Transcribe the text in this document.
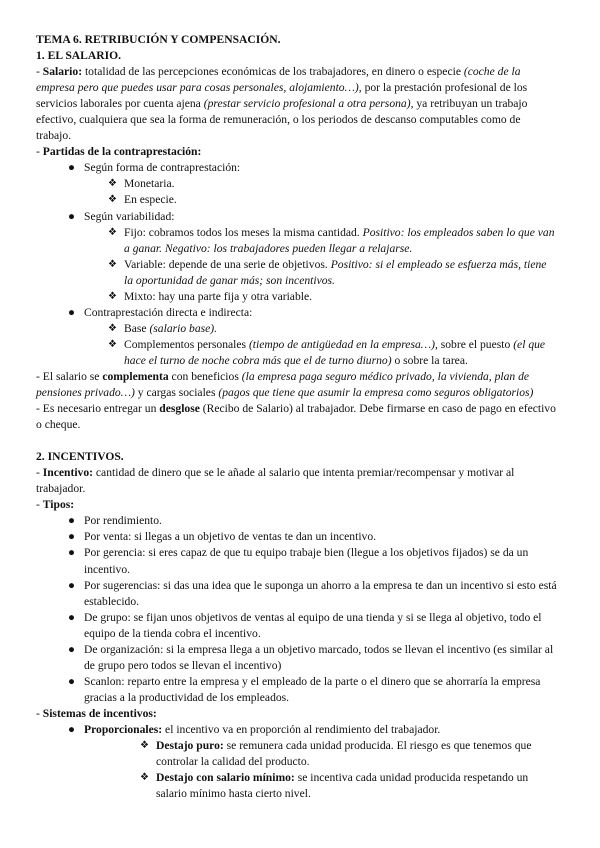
TEMA 6. RETRIBUCIÓN Y COMPENSACIÓN.
1. EL SALARIO.
- Salario: totalidad de las percepciones económicas de los trabajadores, en dinero o especie (coche de la empresa pero que puedes usar para cosas personales, alojamiento…), por la prestación profesional de los servicios laborales por cuenta ajena (prestar servicio profesional a otra persona), ya retribuyan un trabajo efectivo, cualquiera que sea la forma de remuneración, o los periodos de descanso computables como de trabajo.
- Partidas de la contraprestación:
● Según forma de contraprestación:
❖ Monetaria.
❖ En especie.
● Según variabilidad:
❖ Fijo: cobramos todos los meses la misma cantidad. Positivo: los empleados saben lo que van a ganar. Negativo: los trabajadores pueden llegar a relajarse.
❖ Variable: depende de una serie de objetivos. Positivo: si el empleado se esfuerza más, tiene la oportunidad de ganar más; son incentivos.
❖ Mixto: hay una parte fija y otra variable.
● Contraprestación directa e indirecta:
❖ Base (salario base).
❖ Complementos personales (tiempo de antigüedad en la empresa…), sobre el puesto (el que hace el turno de noche cobra más que el de turno diurno) o sobre la tarea.
- El salario se complementa con beneficios (la empresa paga seguro médico privado, la vivienda, plan de pensiones privado…) y cargas sociales (pagos que tiene que asumir la empresa como seguros obligatorios)
- Es necesario entregar un desglose (Recibo de Salario) al trabajador. Debe firmarse en caso de pago en efectivo o cheque.
2. INCENTIVOS.
- Incentivo: cantidad de dinero que se le añade al salario que intenta premiar/recompensar y motivar al trabajador.
- Tipos:
● Por rendimiento.
● Por venta: si llegas a un objetivo de ventas te dan un incentivo.
● Por gerencia: si eres capaz de que tu equipo trabaje bien (llegue a los objetivos fijados) se da un incentivo.
● Por sugerencias: si das una idea que le suponga un ahorro a la empresa te dan un incentivo si esto está establecido.
● De grupo: se fijan unos objetivos de ventas al equipo de una tienda y si se llega al objetivo, todo el equipo de la tienda cobra el incentivo.
● De organización: si la empresa llega a un objetivo marcado, todos se llevan el incentivo (es similar al de grupo pero todos se llevan el incentivo)
● Scanlon: reparto entre la empresa y el empleado de la parte o el dinero que se ahorraría la empresa gracias a la productividad de los empleados.
- Sistemas de incentivos:
● Proporcionales: el incentivo va en proporción al rendimiento del trabajador.
❖ Destajo puro: se remunera cada unidad producida. El riesgo es que tenemos que controlar la calidad del producto.
❖ Destajo con salario mínimo: se incentiva cada unidad producida respetando un salario mínimo hasta cierto nivel.
